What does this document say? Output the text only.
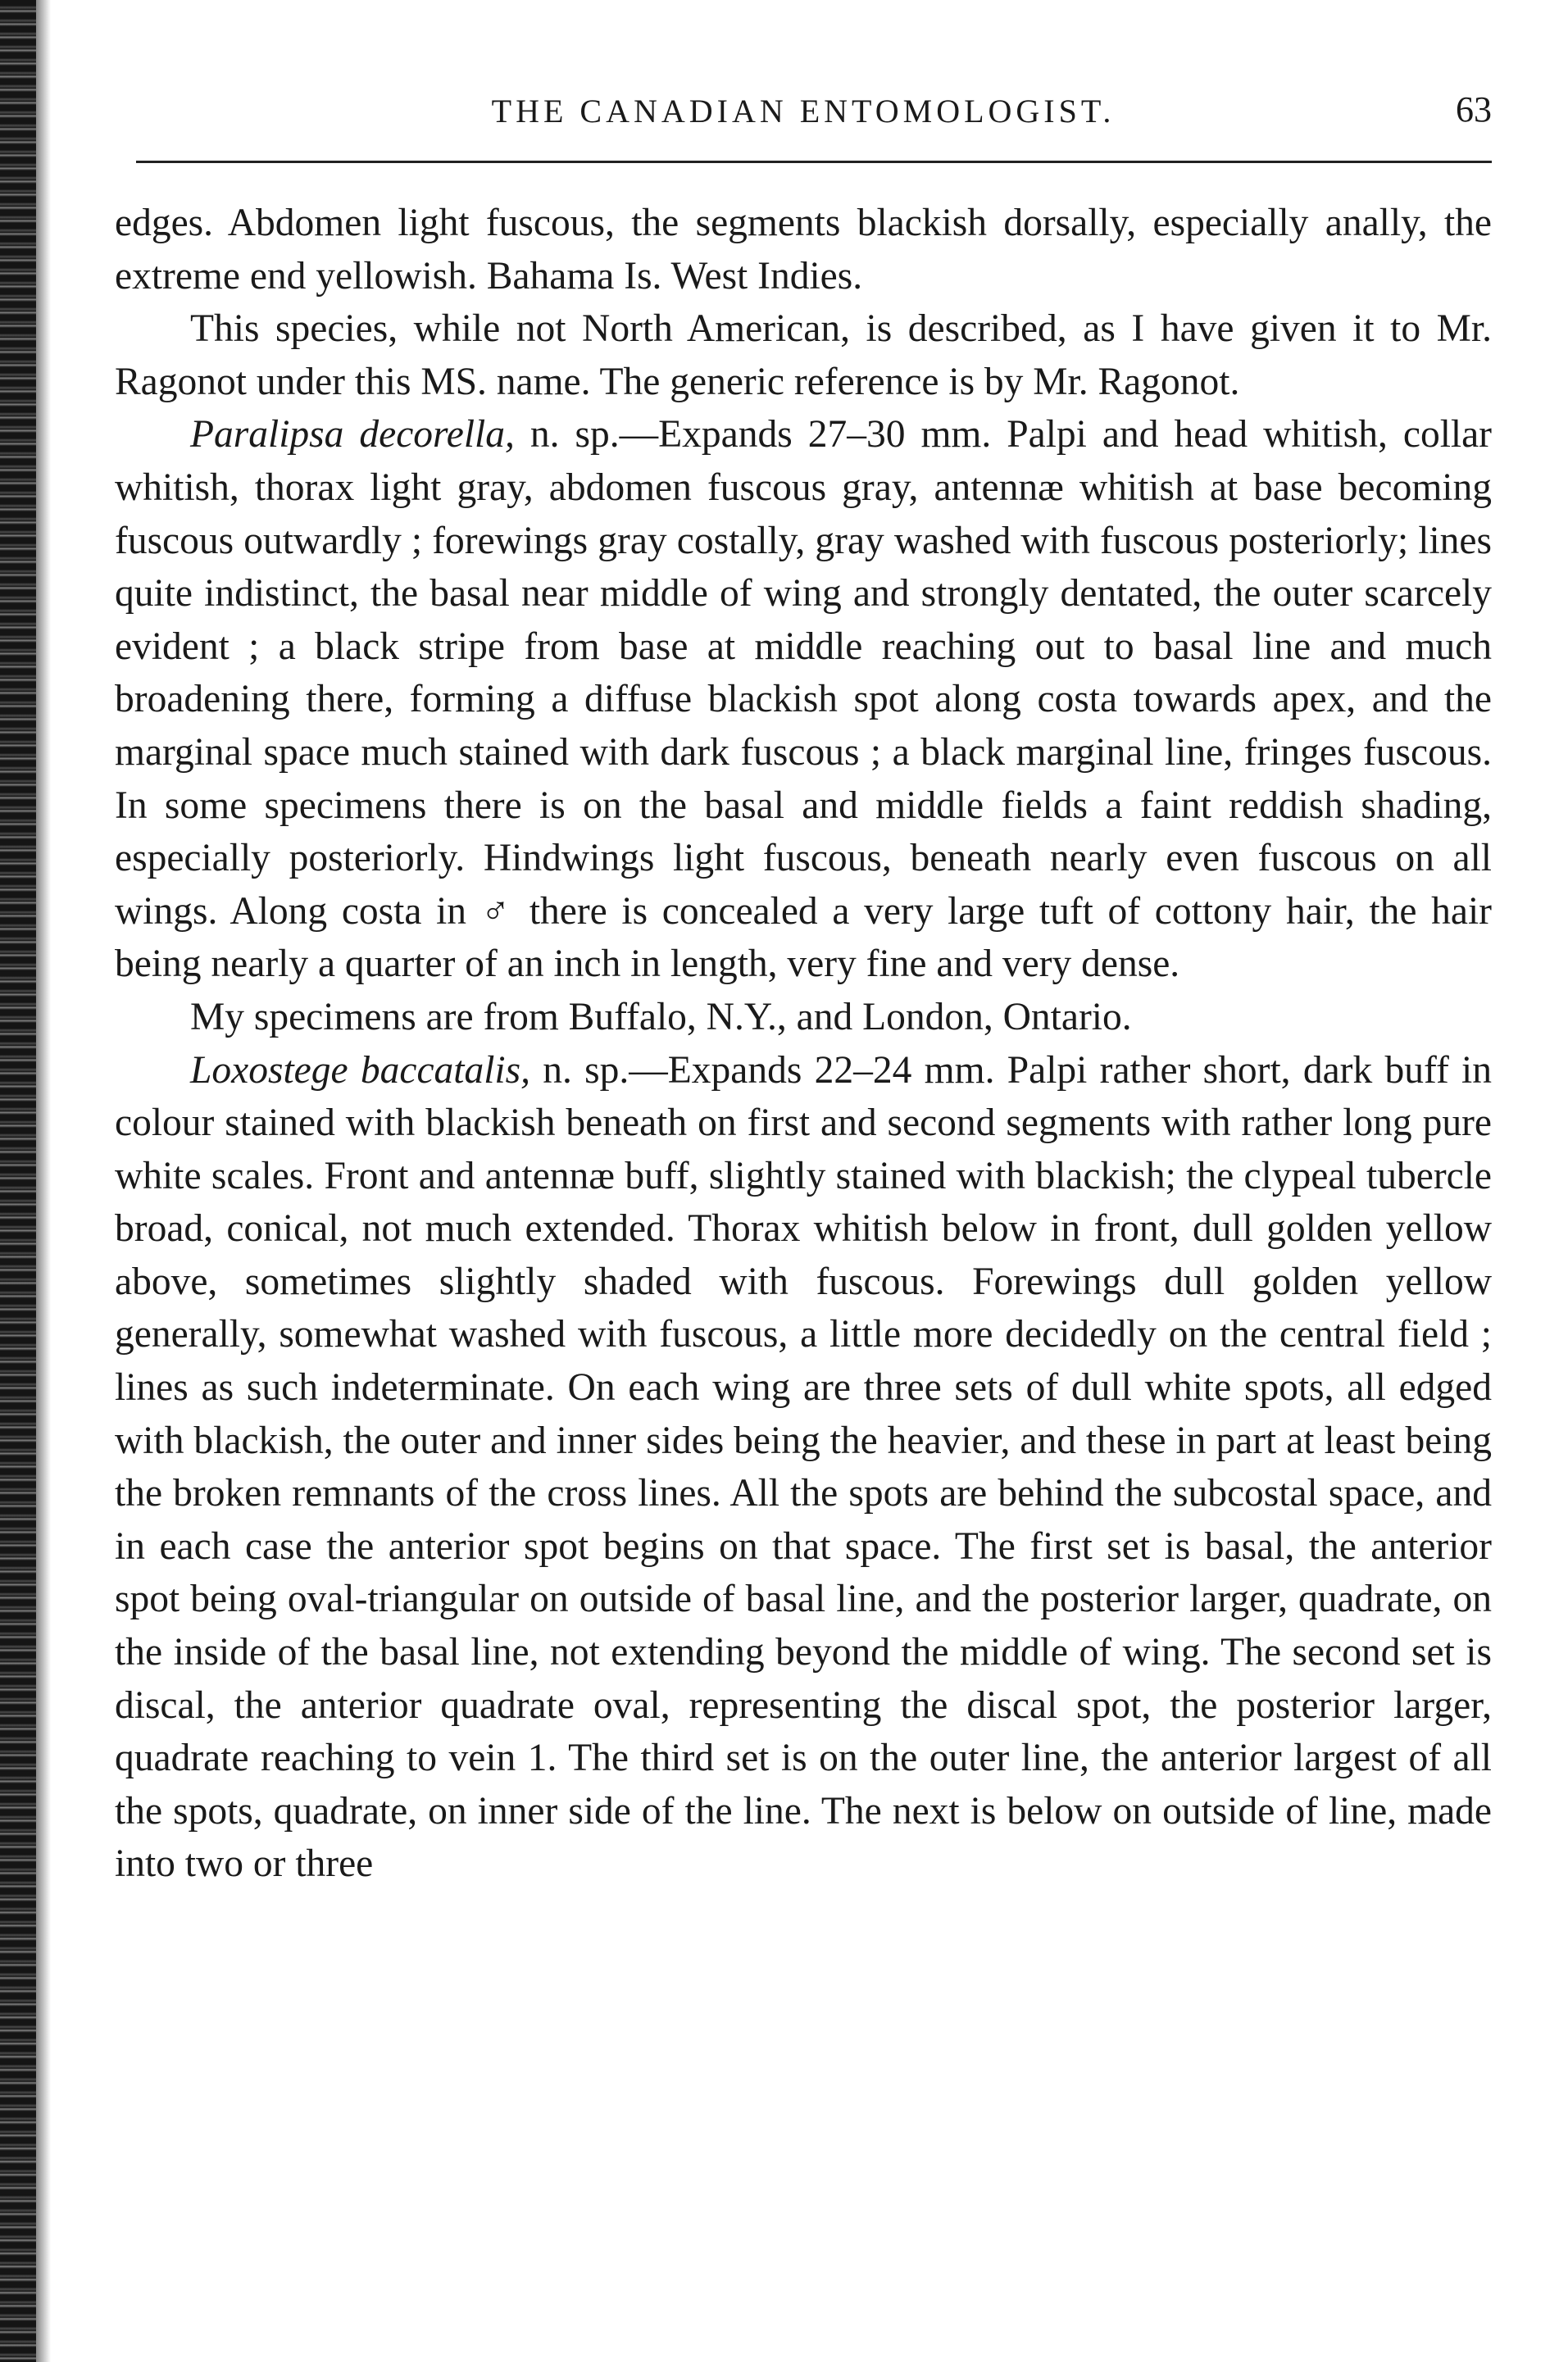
THE CANADIAN ENTOMOLOGIST.	63

edges. Abdomen light fuscous, the segments blackish dorsally, especially anally, the extreme end yellowish. Bahama Is. West Indies.

This species, while not North American, is described, as I have given it to Mr. Ragonot under this MS. name. The generic reference is by Mr. Ragonot.

Paralipsa decorella, n. sp.—Expands 27–30 mm. Palpi and head whitish, collar whitish, thorax light gray, abdomen fuscous gray, antennæ whitish at base becoming fuscous outwardly ; forewings gray costally, gray washed with fuscous posteriorly; lines quite indistinct, the basal near middle of wing and strongly dentated, the outer scarcely evident ; a black stripe from base at middle reaching out to basal line and much broadening there, forming a diffuse blackish spot along costa towards apex, and the marginal space much stained with dark fuscous ; a black marginal line, fringes fuscous. In some specimens there is on the basal and middle fields a faint reddish shading, especially posteriorly. Hindwings light fuscous, beneath nearly even fuscous on all wings. Along costa in ♂ there is concealed a very large tuft of cottony hair, the hair being nearly a quarter of an inch in length, very fine and very dense.

My specimens are from Buffalo, N.Y., and London, Ontario.

Loxostege baccatalis, n. sp.—Expands 22–24 mm. Palpi rather short, dark buff in colour stained with blackish beneath on first and second segments with rather long pure white scales. Front and antennæ buff, slightly stained with blackish; the clypeal tubercle broad, conical, not much extended. Thorax whitish below in front, dull golden yellow above, sometimes slightly shaded with fuscous. Forewings dull golden yellow generally, somewhat washed with fuscous, a little more decidedly on the central field ; lines as such indeterminate. On each wing are three sets of dull white spots, all edged with blackish, the outer and inner sides being the heavier, and these in part at least being the broken remnants of the cross lines. All the spots are behind the subcostal space, and in each case the anterior spot begins on that space. The first set is basal, the anterior spot being oval-triangular on outside of basal line, and the posterior larger, quadrate, on the inside of the basal line, not extending beyond the middle of wing. The second set is discal, the anterior quadrate oval, representing the discal spot, the posterior larger, quadrate reaching to vein 1. The third set is on the outer line, the anterior largest of all the spots, quadrate, on inner side of the line. The next is below on outside of line, made into two or three
